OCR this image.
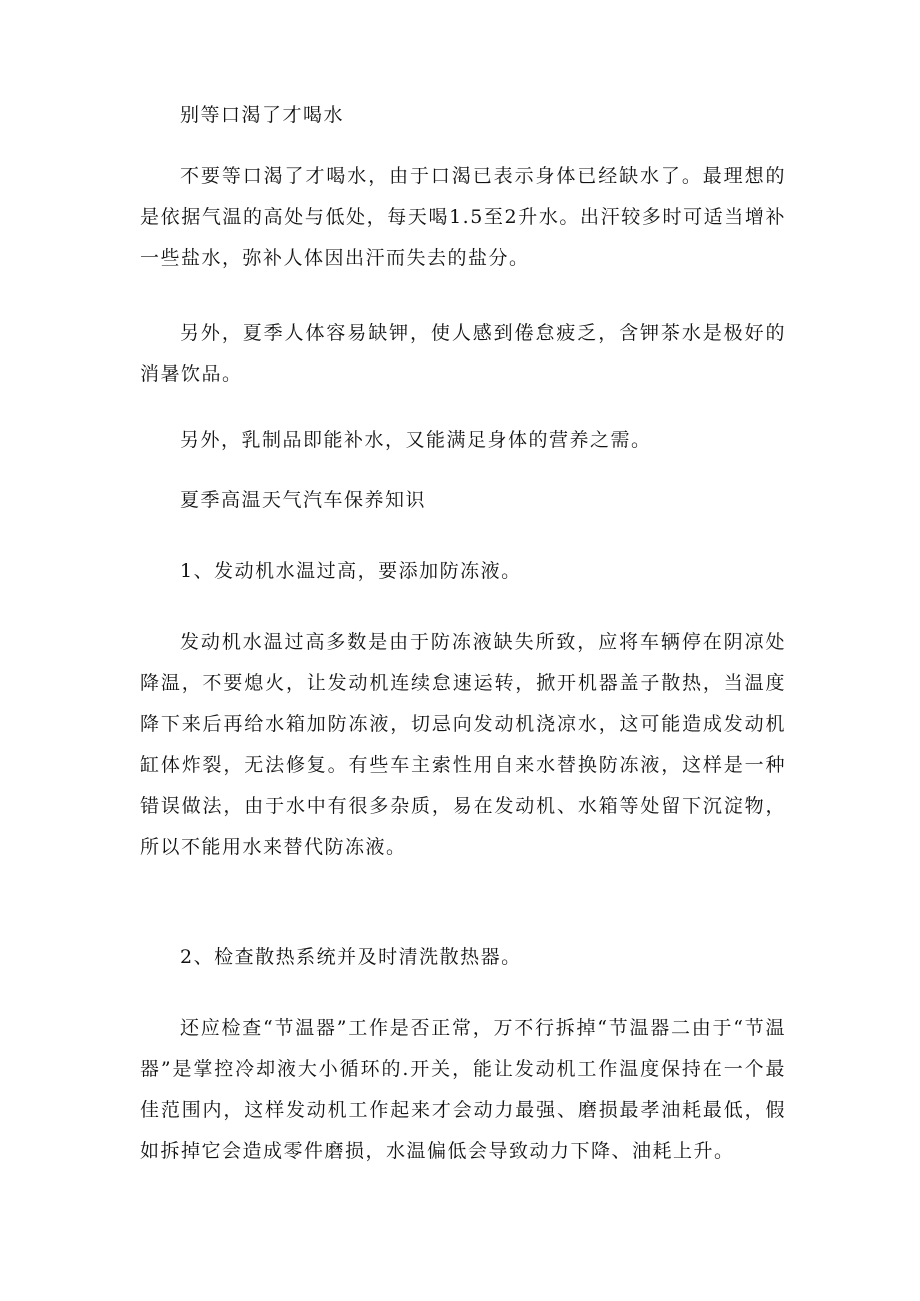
别等口渴了才喝水

不要等口渴了才喝水，由于口渴已表示身体已经缺水了。最理想的是依据气温的高处与低处，每天喝1.5至2升水。出汗较多时可适当增补一些盐水，弥补人体因出汗而失去的盐分。

另外，夏季人体容易缺钾，使人感到倦怠疲乏，含钾茶水是极好的消暑饮品。

另外，乳制品即能补水，又能满足身体的营养之需。

夏季高温天气汽车保养知识

1、发动机水温过高，要添加防冻液。

发动机水温过高多数是由于防冻液缺失所致，应将车辆停在阴凉处降温，不要熄火，让发动机连续怠速运转，掀开机器盖子散热，当温度降下来后再给水箱加防冻液，切忌向发动机浇凉水，这可能造成发动机缸体炸裂，无法修复。有些车主索性用自来水替换防冻液，这样是一种错误做法，由于水中有很多杂质，易在发动机、水箱等处留下沉淀物，所以不能用水来替代防冻液。

2、检查散热系统并及时清洗散热器。

还应检查“节温器”工作是否正常，万不行拆掉“节温器二由于“节温器”是掌控冷却液大小循环的.开关，能让发动机工作温度保持在一个最佳范围内，这样发动机工作起来才会动力最强、磨损最孝油耗最低，假如拆掉它会造成零件磨损，水温偏低会导致动力下降、油耗上升。
